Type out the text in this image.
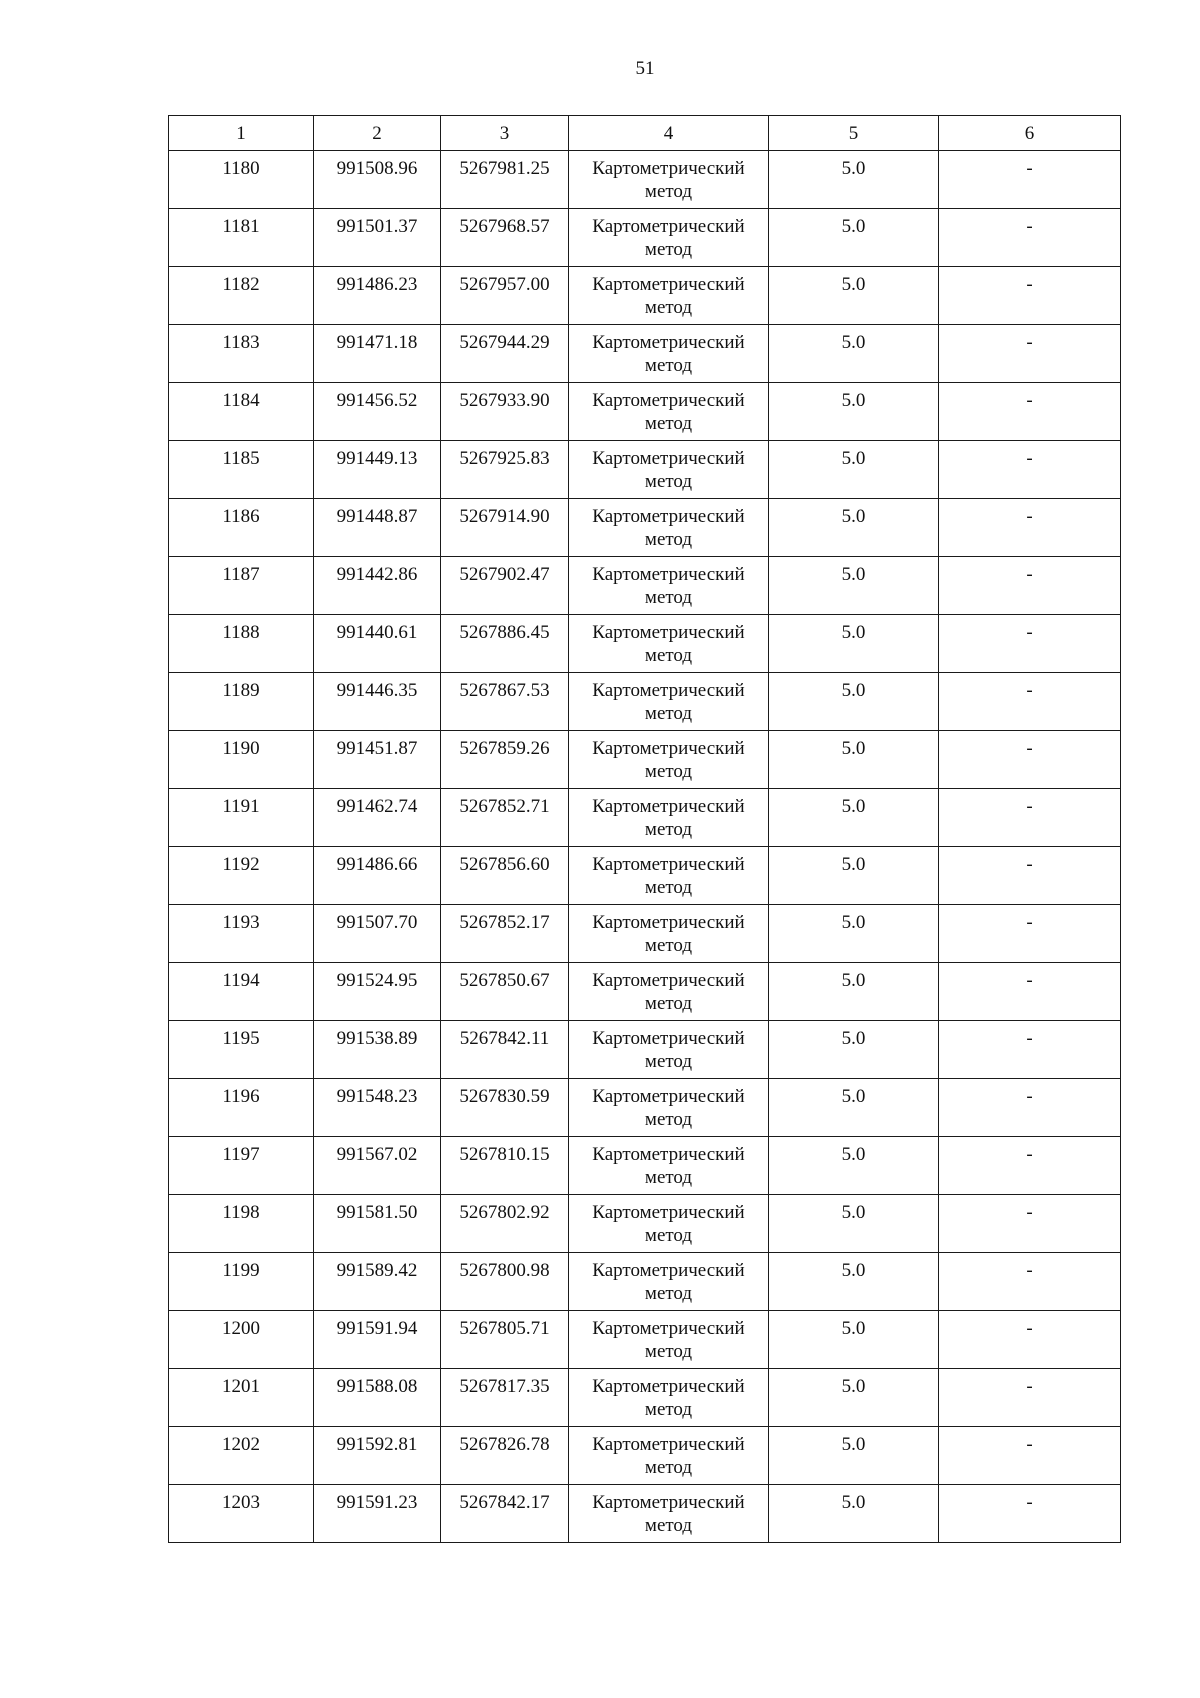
51
1	2	3	4	5	6
1180	991508.96	5267981.25	Картометрический метод	5.0	-
1181	991501.37	5267968.57	Картометрический метод	5.0	-
1182	991486.23	5267957.00	Картометрический метод	5.0	-
1183	991471.18	5267944.29	Картометрический метод	5.0	-
1184	991456.52	5267933.90	Картометрический метод	5.0	-
1185	991449.13	5267925.83	Картометрический метод	5.0	-
1186	991448.87	5267914.90	Картометрический метод	5.0	-
1187	991442.86	5267902.47	Картометрический метод	5.0	-
1188	991440.61	5267886.45	Картометрический метод	5.0	-
1189	991446.35	5267867.53	Картометрический метод	5.0	-
1190	991451.87	5267859.26	Картометрический метод	5.0	-
1191	991462.74	5267852.71	Картометрический метод	5.0	-
1192	991486.66	5267856.60	Картометрический метод	5.0	-
1193	991507.70	5267852.17	Картометрический метод	5.0	-
1194	991524.95	5267850.67	Картометрический метод	5.0	-
1195	991538.89	5267842.11	Картометрический метод	5.0	-
1196	991548.23	5267830.59	Картометрический метод	5.0	-
1197	991567.02	5267810.15	Картометрический метод	5.0	-
1198	991581.50	5267802.92	Картометрический метод	5.0	-
1199	991589.42	5267800.98	Картометрический метод	5.0	-
1200	991591.94	5267805.71	Картометрический метод	5.0	-
1201	991588.08	5267817.35	Картометрический метод	5.0	-
1202	991592.81	5267826.78	Картометрический метод	5.0	-
1203	991591.23	5267842.17	Картометрический метод	5.0	-
